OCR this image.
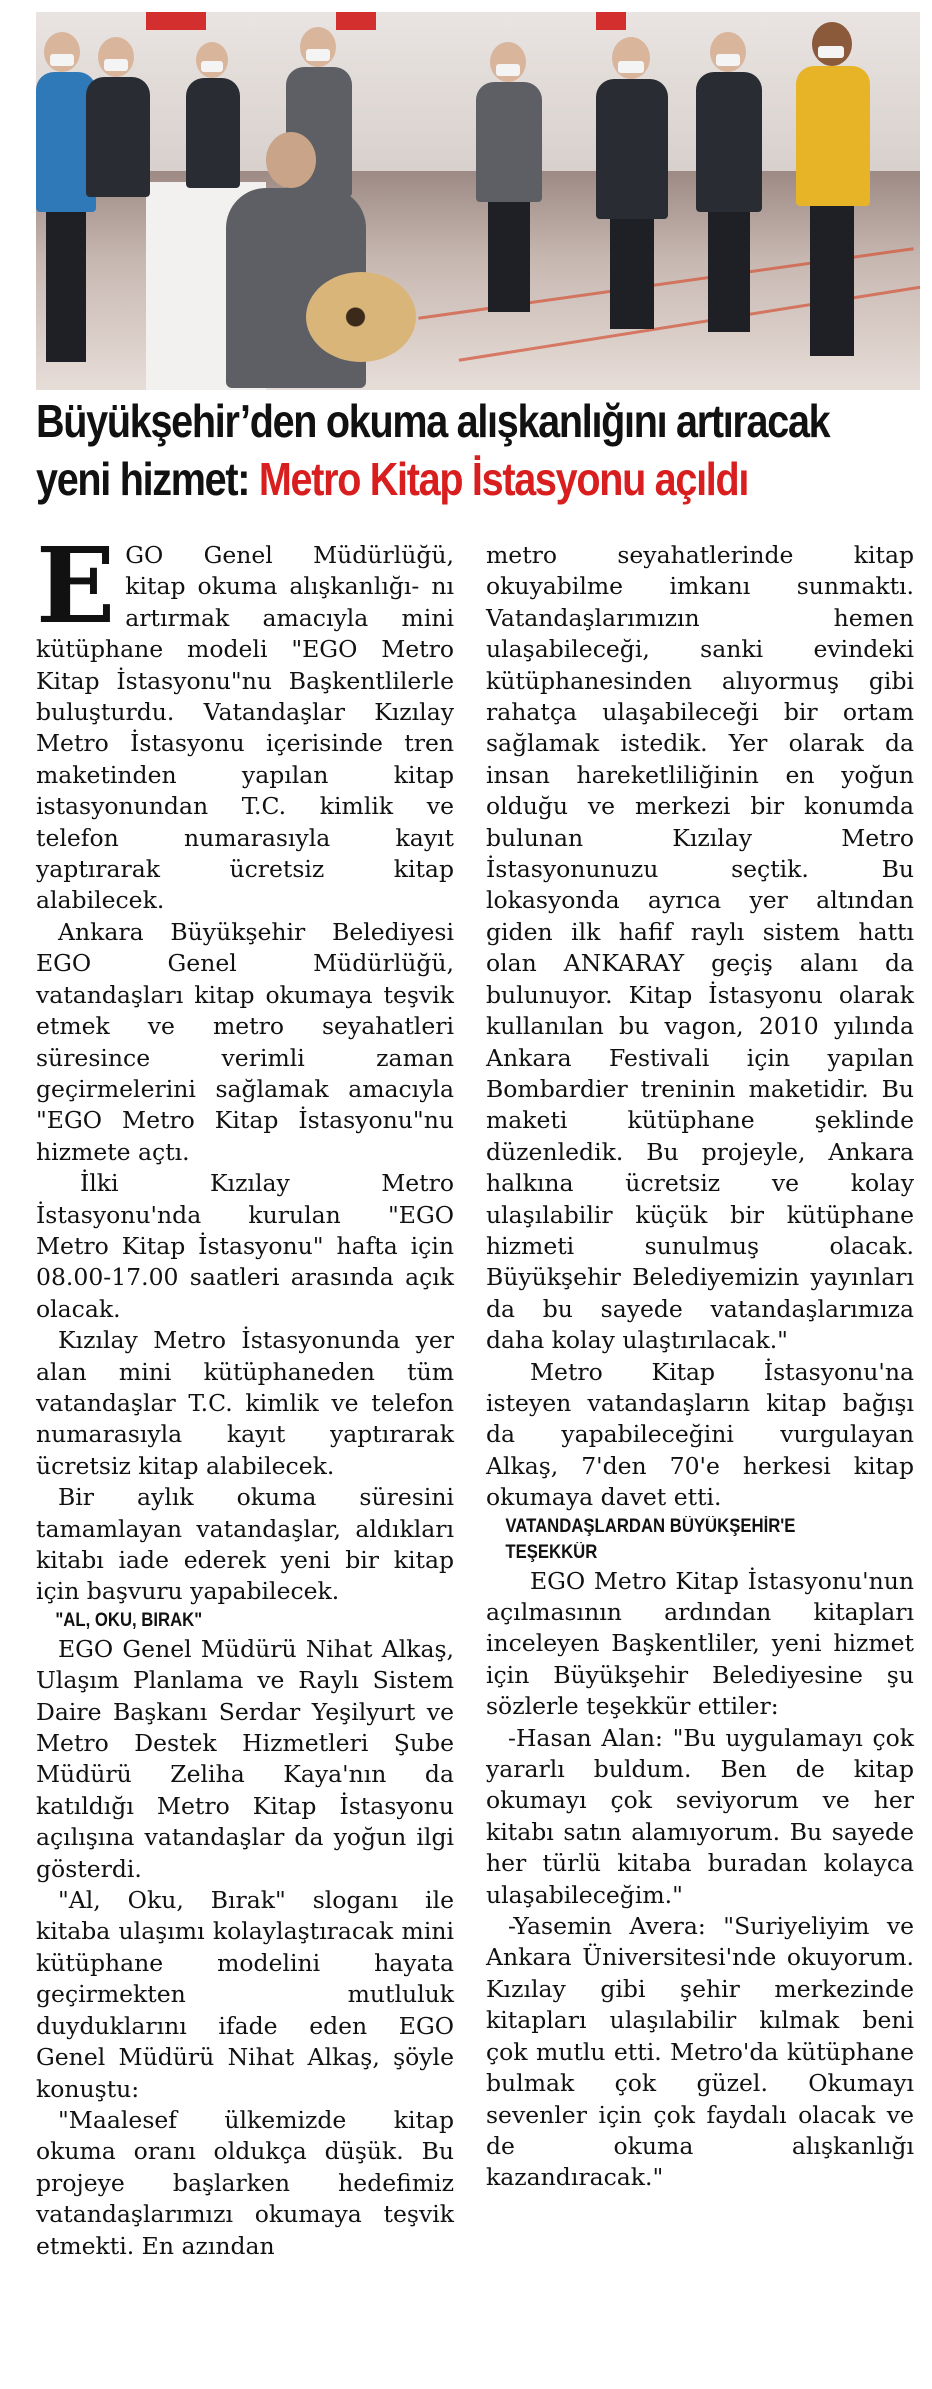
Büyükşehir’den okuma alışkanlığını artıracak
yeni hizmet: Metro Kitap İstasyonu açıldı

EGO Genel Müdürlüğü, kitap okuma alışkanlığı- nı artırmak amacıyla mini kütüphane modeli "EGO Metro Kitap İstasyonu"nu Başkentlilerle buluşturdu. Vatandaşlar Kızılay Metro İstasyonu içerisinde tren maketinden yapılan kitap istasyonundan T.C. kimlik ve telefon numarasıyla kayıt yaptırarak ücretsiz kitap alabilecek.

Ankara Büyükşehir Belediyesi EGO Genel Müdürlüğü, vatandaşları kitap okumaya teşvik etmek ve metro seyahatleri süresince verimli zaman geçirmelerini sağlamak amacıyla "EGO Metro Kitap İstasyonu"nu hizmete açtı.

İlki Kızılay Metro İstasyonu'nda kurulan "EGO Metro Kitap İstasyonu" hafta için 08.00-17.00 saatleri arasında açık olacak.

Kızılay Metro İstasyonunda yer alan mini kütüphaneden tüm vatandaşlar T.C. kimlik ve telefon numarasıyla kayıt yaptırarak ücretsiz kitap alabilecek.

Bir aylık okuma süresini tamamlayan vatandaşlar, aldıkları kitabı iade ederek yeni bir kitap için başvuru yapabilecek.

"AL, OKU, BIRAK"

EGO Genel Müdürü Nihat Alkaş, Ulaşım Planlama ve Raylı Sistem Daire Başkanı Serdar Yeşilyurt ve Metro Destek Hizmetleri Şube Müdürü Zeliha Kaya'nın da katıldığı Metro Kitap İstasyonu açılışına vatandaşlar da yoğun ilgi gösterdi.

"Al, Oku, Bırak" sloganı ile kitaba ulaşımı kolaylaştıracak mini kütüphane modelini hayata geçirmekten mutluluk duyduklarını ifade eden EGO Genel Müdürü Nihat Alkaş, şöyle konuştu:

"Maalesef ülkemizde kitap okuma oranı oldukça düşük. Bu projeye başlarken hedefimiz vatandaşlarımızı okumaya teşvik etmekti. En azından

metro seyahatlerinde kitap okuyabilme imkanı sunmaktı. Vatandaşlarımızın hemen ulaşabileceği, sanki evindeki kütüphanesinden alıyormuş gibi rahatça ulaşabileceği bir ortam sağlamak istedik. Yer olarak da insan hareketliliğinin en yoğun olduğu ve merkezi bir konumda bulunan Kızılay Metro İstasyonunuzu seçtik. Bu lokasyonda ayrıca yer altından giden ilk hafif raylı sistem hattı olan ANKARAY geçiş alanı da bulunuyor. Kitap İstasyonu olarak kullanılan bu vagon, 2010 yılında Ankara Festivali için yapılan Bombardier treninin maketidir. Bu maketi kütüphane şeklinde düzenledik. Bu projeyle, Ankara halkına ücretsiz ve kolay ulaşılabilir küçük bir kütüphane hizmeti sunulmuş olacak. Büyükşehir Belediyemizin yayınları da bu sayede vatandaşlarımıza daha kolay ulaştırılacak."

Metro Kitap İstasyonu'na isteyen vatandaşların kitap bağışı da yapabileceğini vurgulayan Alkaş, 7'den 70'e herkesi kitap okumaya davet etti.

VATANDAŞLARDAN BÜYÜKŞEHİR'E

TEŞEKKÜR

EGO Metro Kitap İstasyonu'nun açılmasının ardından kitapları inceleyen Başkentliler, yeni hizmet için Büyükşehir Belediyesine şu sözlerle teşekkür ettiler:

-Hasan Alan: "Bu uygulamayı çok yararlı buldum. Ben de kitap okumayı çok seviyorum ve her kitabı satın alamıyorum. Bu sayede her türlü kitaba buradan kolayca ulaşabileceğim."

-Yasemin Avera: "Suriyeliyim ve Ankara Üniversitesi'nde okuyorum. Kızılay gibi şehir merkezinde kitapları ulaşılabilir kılmak beni çok mutlu etti. Metro'da kütüphane bulmak çok güzel. Okumayı sevenler için çok faydalı olacak ve de okuma alışkanlığı kazandıracak."
